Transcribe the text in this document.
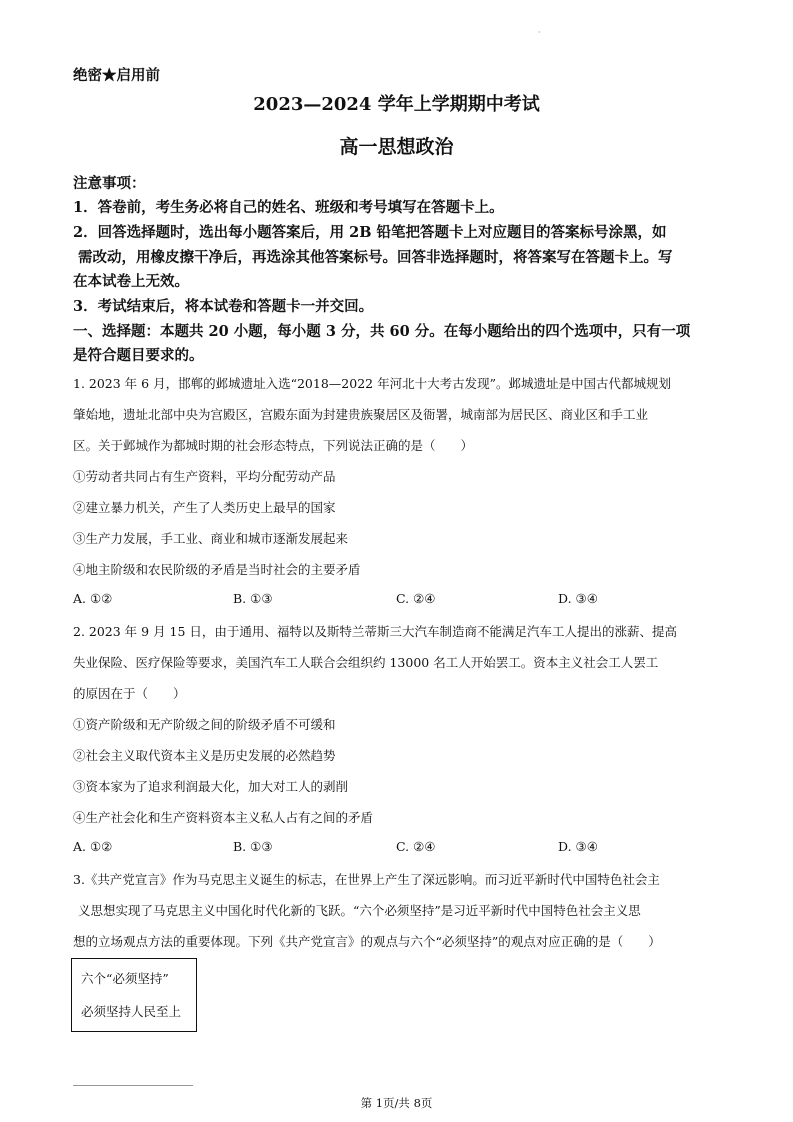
·
绝密★启用前
2023—2024 学年上学期期中考试
高一思想政治
注意事项：
1．答卷前，考生务必将自己的姓名、班级和考号填写在答题卡上。
2．回答选择题时，选出每小题答案后，用 2B 铅笔把答题卡上对应题目的答案标号涂黑，如
需改动，用橡皮擦干净后，再选涂其他答案标号。回答非选择题时，将答案写在答题卡上。写
在本试卷上无效。
3．考试结束后，将本试卷和答题卡一并交回。
一、选择题：本题共 20 小题，每小题 3 分，共 60 分。在每小题给出的四个选项中，只有一项
是符合题目要求的。
1. 2023 年 6 月，邯郸的邺城遗址入选“2018—2022 年河北十大考古发现”。邺城遗址是中国古代都城规划
肇始地，遗址北部中央为宫殿区，宫殿东面为封建贵族聚居区及衙署，城南部为居民区、商业区和手工业
区。关于邺城作为都城时期的社会形态特点，下列说法正确的是（　　）
①劳动者共同占有生产资料，平均分配劳动产品
②建立暴力机关，产生了人类历史上最早的国家
③生产力发展，手工业、商业和城市逐渐发展起来
④地主阶级和农民阶级的矛盾是当时社会的主要矛盾
A. ①②	B. ①③	C. ②④	D. ③④
2. 2023 年 9 月 15 日，由于通用、福特以及斯特兰蒂斯三大汽车制造商不能满足汽车工人提出的涨薪、提高
失业保险、医疗保险等要求，美国汽车工人联合会组织约 13000 名工人开始罢工。资本主义社会工人罢工
的原因在于（　　）
①资产阶级和无产阶级之间的阶级矛盾不可缓和
②社会主义取代资本主义是历史发展的必然趋势
③资本家为了追求利润最大化，加大对工人的剥削
④生产社会化和生产资料资本主义私人占有之间的矛盾
A. ①②	B. ①③	C. ②④	D. ③④
3.《共产党宣言》作为马克思主义诞生的标志，在世界上产生了深远影响。而习近平新时代中国特色社会主
义思想实现了马克思主义中国化时代化新的飞跃。“六个必须坚持”是习近平新时代中国特色社会主义思
想的立场观点方法的重要体现。下列《共产党宣言》的观点与六个“必须坚持”的观点对应正确的是（　　）
六个“必须坚持”
必须坚持人民至上
第 1页/共 8页
